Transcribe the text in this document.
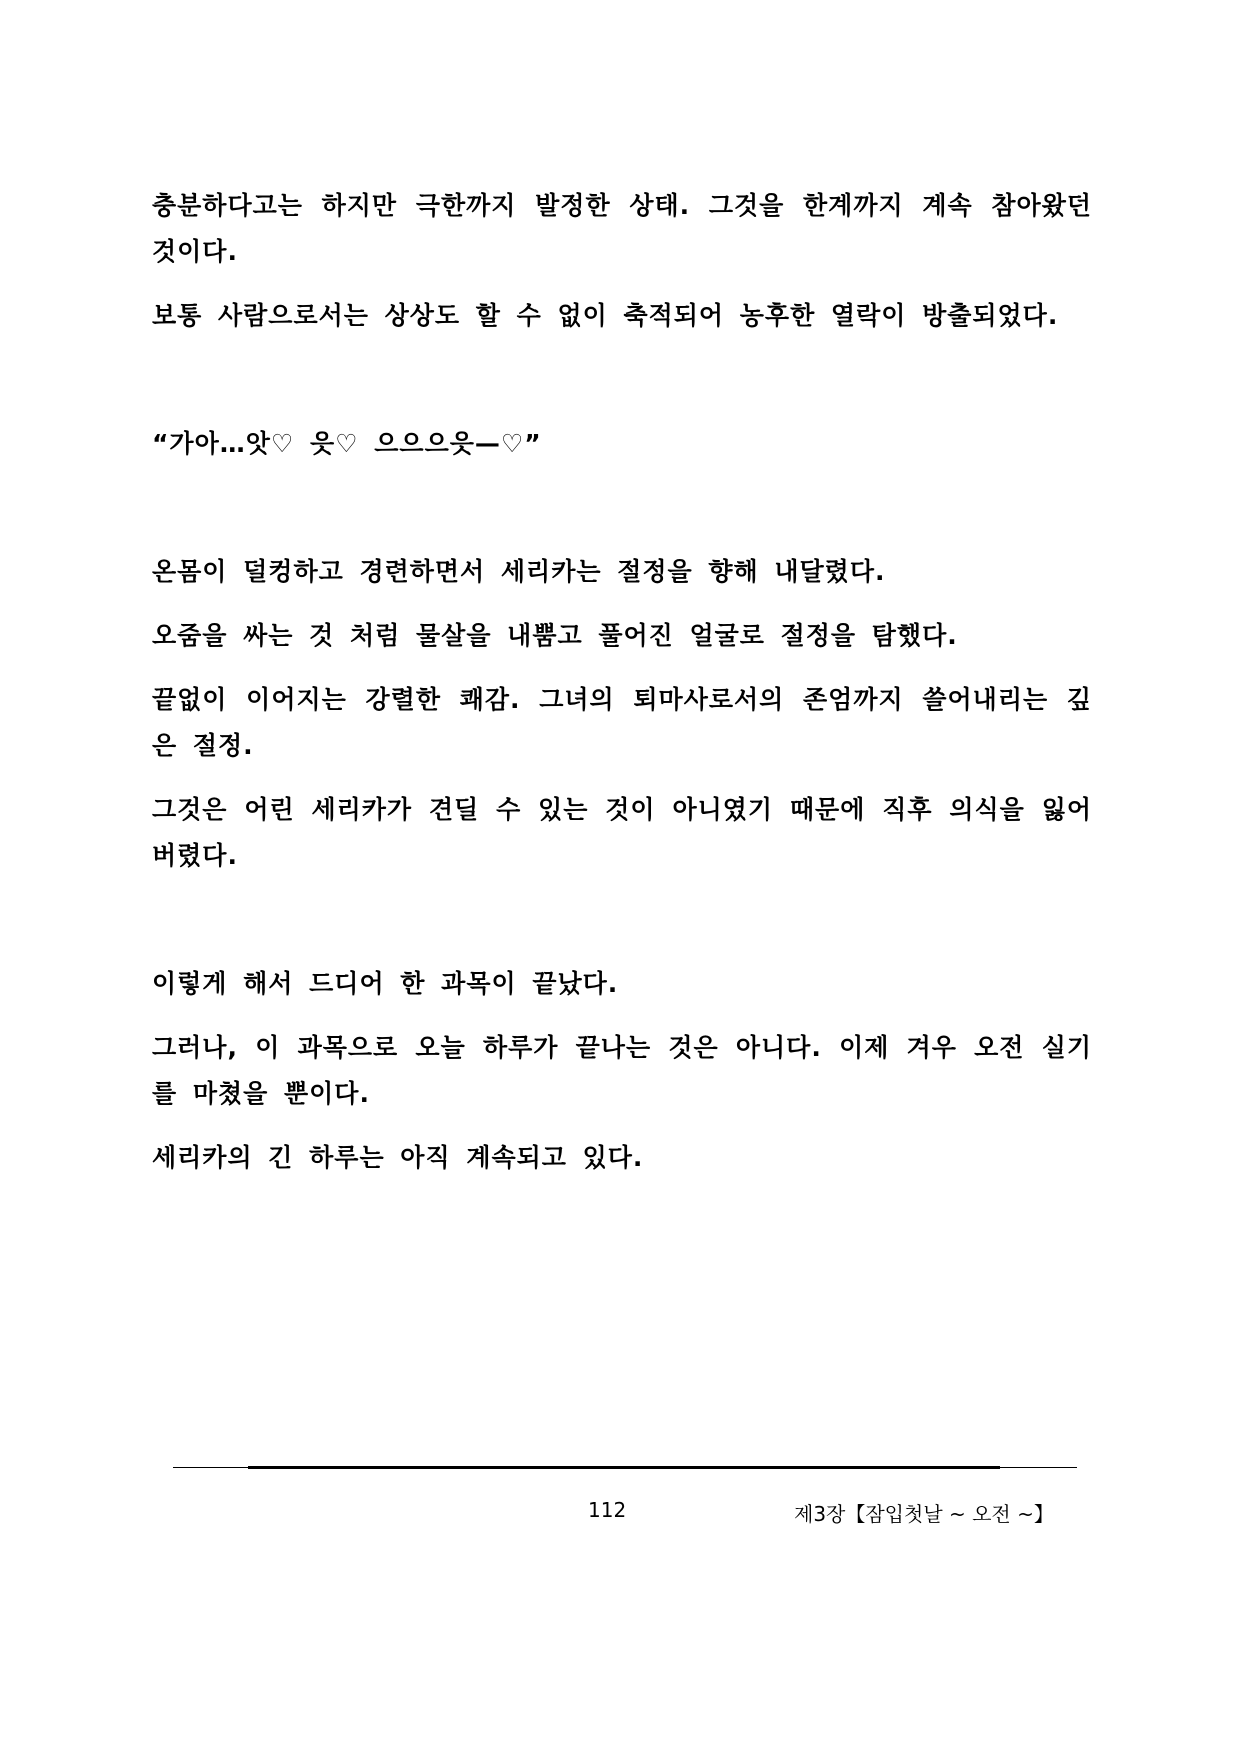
충분하다고는 하지만 극한까지 발정한 상태. 그것을 한계까지 계속 참아왔던 것이다.

보통 사람으로서는 상상도 할 수 없이 축적되어 농후한 열락이 방출되었다.

“가아…앗♡ 읏♡ 으으으읏—♡”

온몸이 덜컹하고 경련하면서 세리카는 절정을 향해 내달렸다.

오줌을 싸는 것 처럼 물살을 내뿜고 풀어진 얼굴로 절정을 탐했다.

끝없이 이어지는 강렬한 쾌감. 그녀의 퇴마사로서의 존엄까지 쓸어내리는 깊은 절정.

그것은 어린 세리카가 견딜 수 있는 것이 아니였기 때문에 직후 의식을 잃어버렸다.

이렇게 해서 드디어 한 과목이 끝났다.

그러나, 이 과목으로 오늘 하루가 끝나는 것은 아니다. 이제 겨우 오전 실기를 마쳤을 뿐이다.

세리카의 긴 하루는 아직 계속되고 있다.

112	제3장【잠입첫날 ~ 오전 ~】
